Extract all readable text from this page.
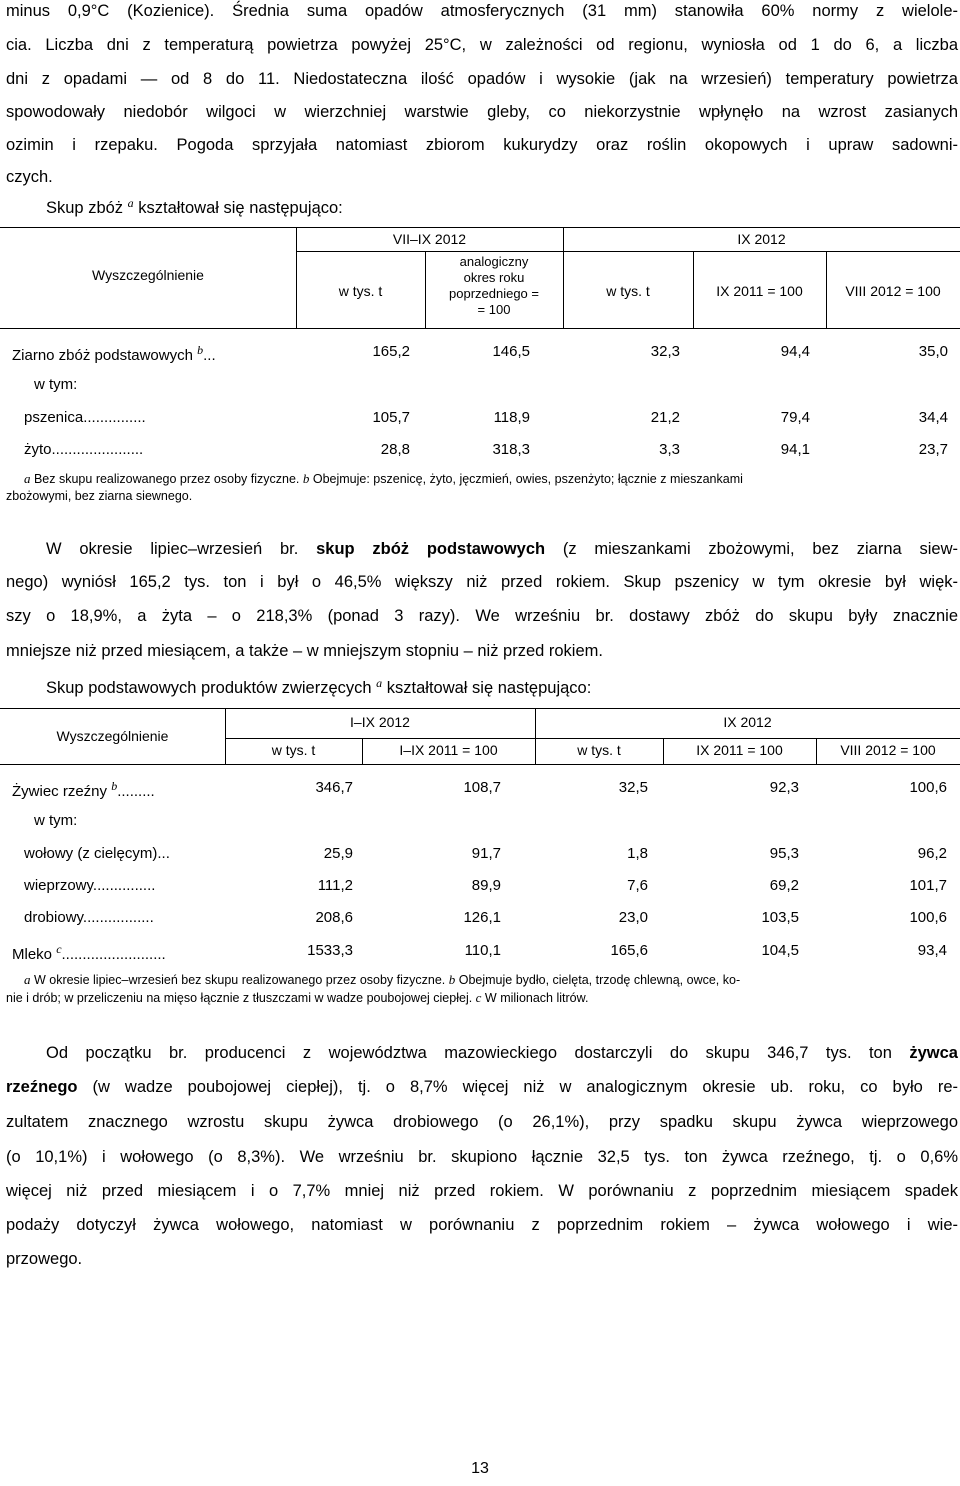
minus 0,9°C (Kozienice). Średnia suma opadów atmosferycznych (31 mm) stanowiła 60% normy z wielole-
cia. Liczba dni z temperaturą powietrza powyżej 25°C, w zależności od regionu, wyniosła od 1 do 6, a liczba
dni z opadami — od 8 do 11. Niedostateczna ilość opadów i wysokie (jak na wrzesień) temperatury powietrza
spowodowały niedobór wilgoci w wierzchniej warstwie gleby, co niekorzystnie wpłynęło na wzrost zasianych
ozimin i rzepaku. Pogoda sprzyjała natomiast zbiorom kukurydzy oraz roślin okopowych i upraw sadowni-
czych.
Skup zbóż $^a$ kształtował się następująco:
Wyszczególnienie
VII–IX 2012	IX 2012
w tys. t
analogiczny
okres roku
poprzedniego =
= 100
w tys. t	IX 2011 = 100	VIII 2012 = 100
Ziarno zbóż podstawowych $^b$...	165,2	146,5	32,3	94,4	35,0
w tym:
pszenica...............	105,7	118,9	21,2	79,4	34,4
żyto......................	28,8	318,3	3,3	94,1	23,7
a Bez skupu realizowanego przez osoby fizyczne. b Obejmuje: pszenicę, żyto, jęczmień, owies, pszenżyto; łącznie z mieszankami
zbożowymi, bez ziarna siewnego.
W okresie lipiec–wrzesień br. skup zbóż podstawowych (z mieszankami zbożowymi, bez ziarna siew-
nego) wyniósł 165,2 tys. ton i był o 46,5% większy niż przed rokiem. Skup pszenicy w tym okresie był więk-
szy o 18,9%, a żyta – o 218,3% (ponad 3 razy). We wrześniu br. dostawy zbóż do skupu były znacznie
mniejsze niż przed miesiącem, a także – w mniejszym stopniu – niż przed rokiem.
Skup podstawowych produktów zwierzęcych $^a$ kształtował się następująco:
Wyszczególnienie
I–IX 2012	IX 2012
w tys. t	I–IX 2011 = 100	w tys. t	IX 2011 = 100	VIII 2012 = 100
Żywiec rzeźny $^b$.........	346,7	108,7	32,5	92,3	100,6
w tym:
wołowy (z cielęcym)...	25,9	91,7	1,8	95,3	96,2
wieprzowy...............	111,2	89,9	7,6	69,2	101,7
drobiowy.................	208,6	126,1	23,0	103,5	100,6
Mleko $^c$.........................	1533,3	110,1	165,6	104,5	93,4
a W okresie lipiec–wrzesień bez skupu realizowanego przez osoby fizyczne. b Obejmuje bydło, cielęta, trzodę chlewną, owce, ko-
nie i drób; w przeliczeniu na mięso łącznie z tłuszczami w wadze poubojowej ciepłej. c W milionach litrów.
Od początku br. producenci z województwa mazowieckiego dostarczyli do skupu 346,7 tys. ton żywca
rzeźnego (w wadze poubojowej ciepłej), tj. o 8,7% więcej niż w analogicznym okresie ub. roku, co było re-
zultatem znacznego wzrostu skupu żywca drobiowego (o 26,1%), przy spadku skupu żywca wieprzowego
(o 10,1%) i wołowego (o 8,3%). We wrześniu br. skupiono łącznie 32,5 tys. ton żywca rzeźnego, tj. o 0,6%
więcej niż przed miesiącem i o 7,7% mniej niż przed rokiem. W porównaniu z poprzednim miesiącem spadek
podaży dotyczył żywca wołowego, natomiast w porównaniu z poprzednim rokiem – żywca wołowego i wie-
przowego.
13
